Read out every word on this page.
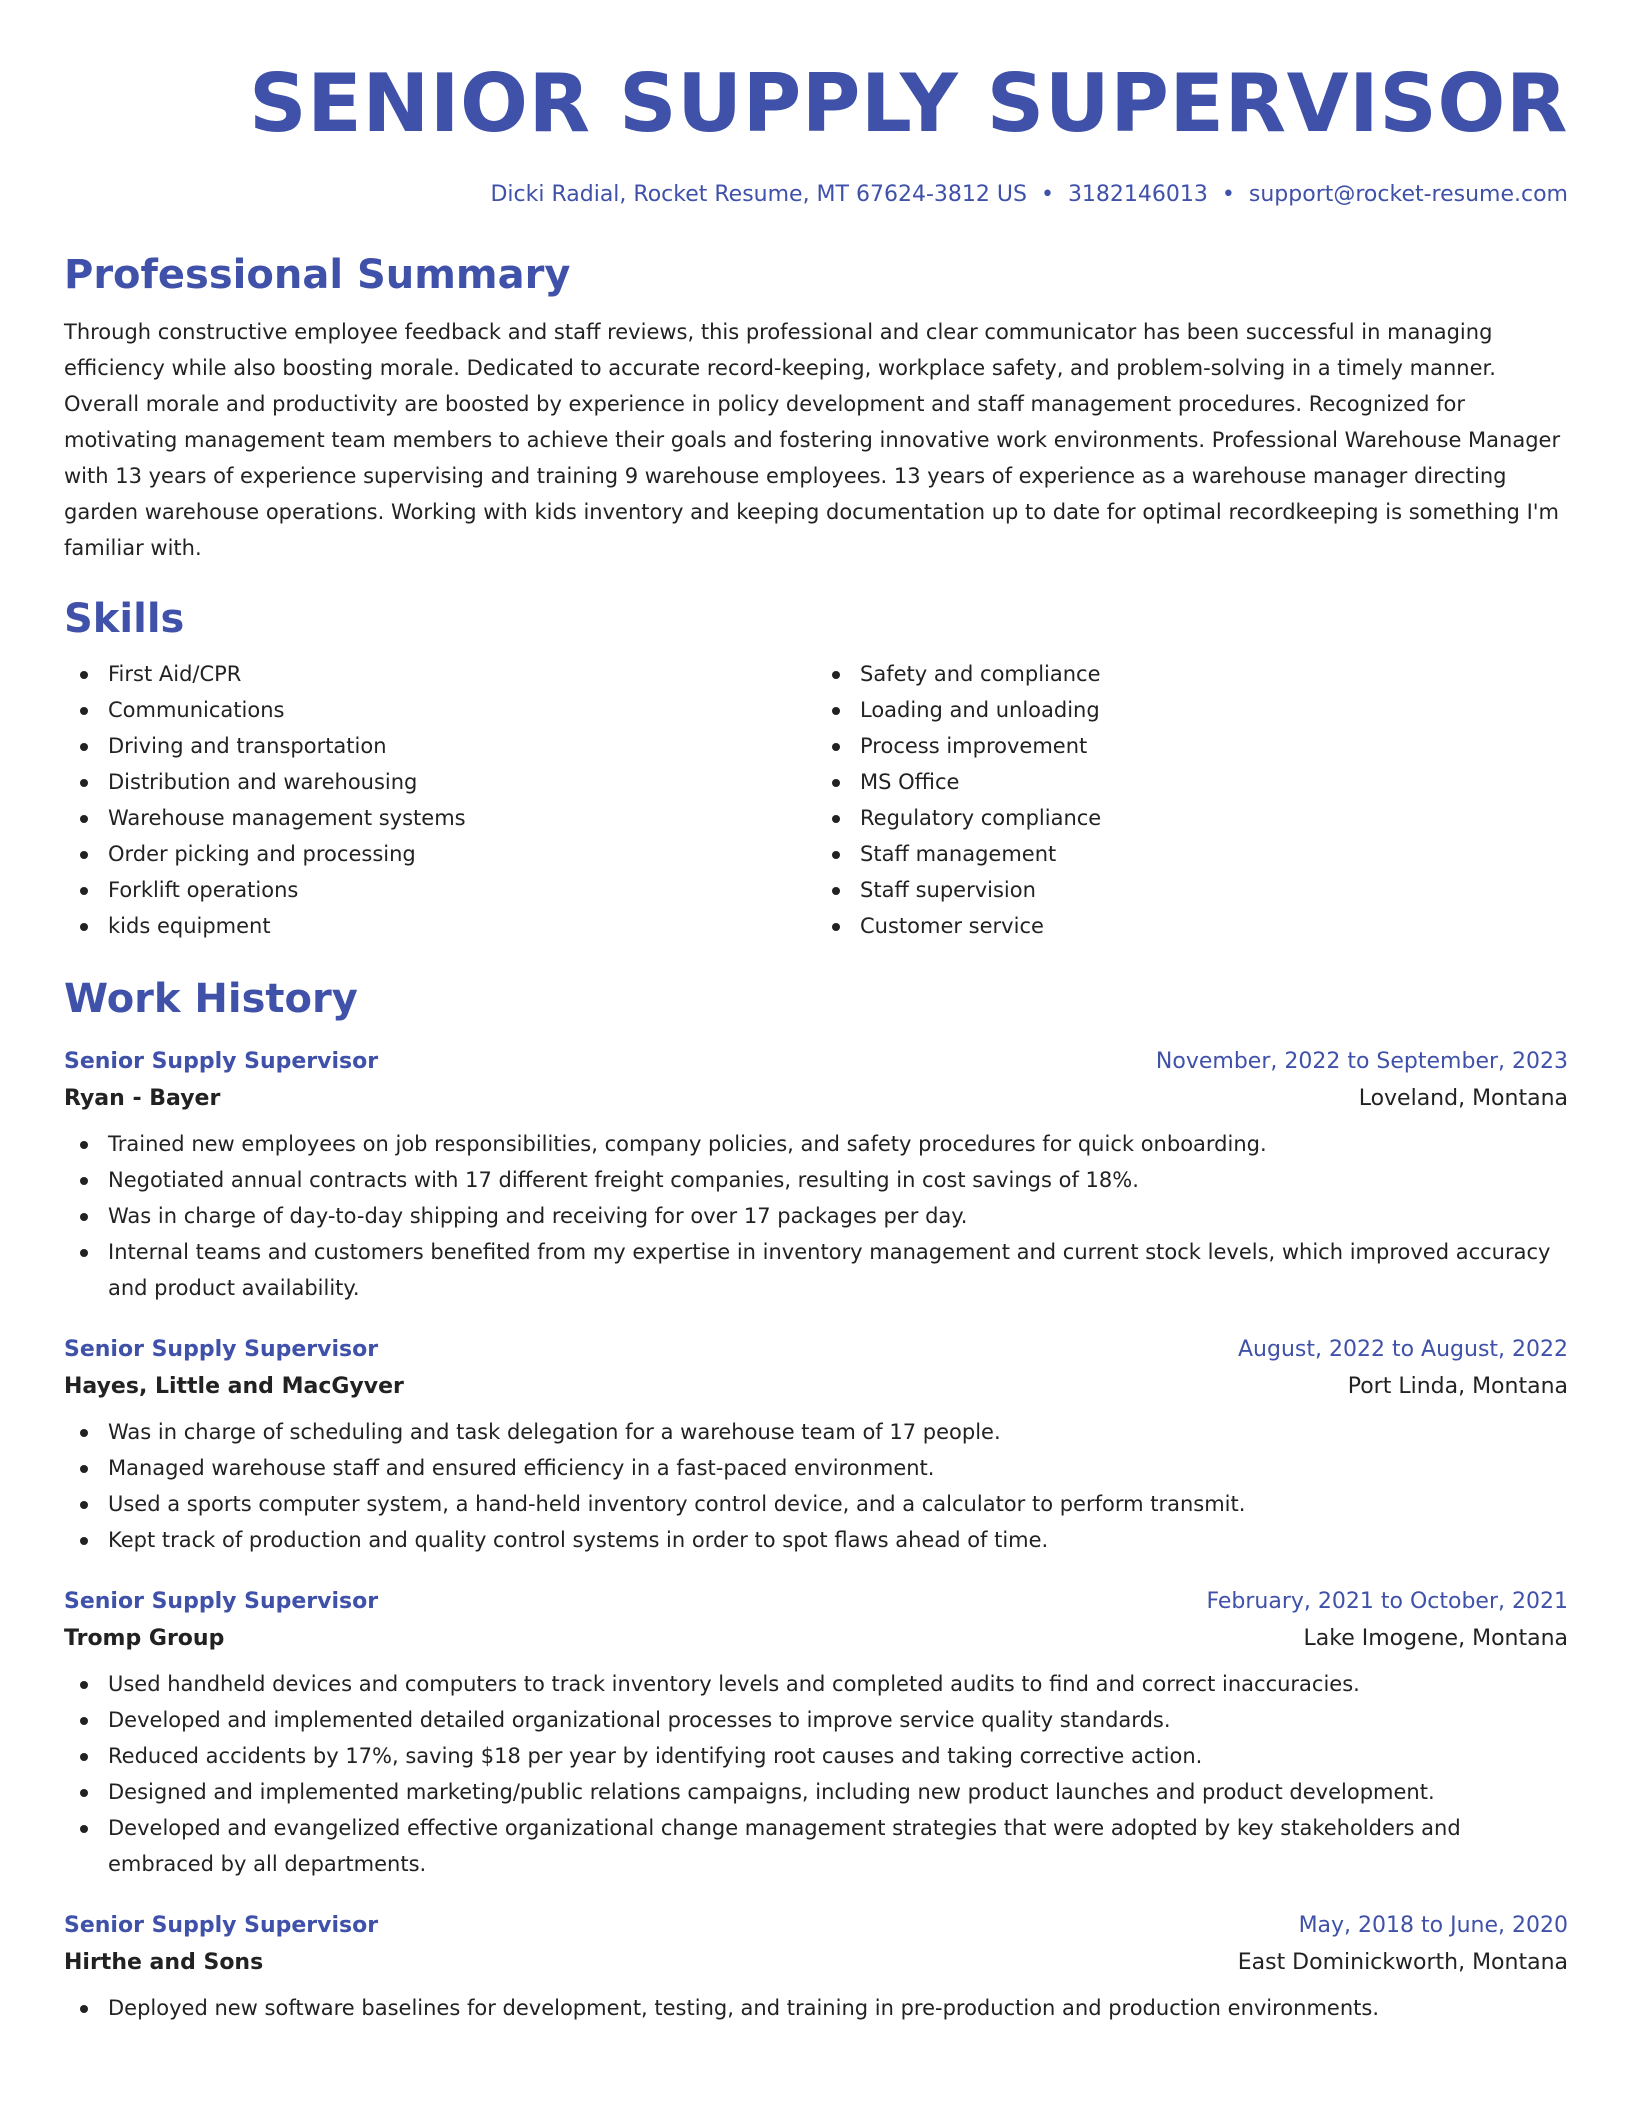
SENIOR SUPPLY SUPERVISOR
Dicki Radial, Rocket Resume, MT 67624-3812 US • 3182146013 • support@rocket-resume.com
Professional Summary
Through constructive employee feedback and staff reviews, this professional and clear communicator has been successful in managing efficiency while also boosting morale. Dedicated to accurate record-keeping, workplace safety, and problem-solving in a timely manner. Overall morale and productivity are boosted by experience in policy development and staff management procedures. Recognized for motivating management team members to achieve their goals and fostering innovative work environments. Professional Warehouse Manager with 13 years of experience supervising and training 9 warehouse employees. 13 years of experience as a warehouse manager directing garden warehouse operations. Working with kids inventory and keeping documentation up to date for optimal recordkeeping is something I'm familiar with.
Skills
First Aid/CPR
Communications
Driving and transportation
Distribution and warehousing
Warehouse management systems
Order picking and processing
Forklift operations
kids equipment
Safety and compliance
Loading and unloading
Process improvement
MS Office
Regulatory compliance
Staff management
Staff supervision
Customer service
Work History
Senior Supply Supervisor	November, 2022 to September, 2023
Ryan - Bayer	Loveland, Montana
Trained new employees on job responsibilities, company policies, and safety procedures for quick onboarding.
Negotiated annual contracts with 17 different freight companies, resulting in cost savings of 18%.
Was in charge of day-to-day shipping and receiving for over 17 packages per day.
Internal teams and customers benefited from my expertise in inventory management and current stock levels, which improved accuracy and product availability.
Senior Supply Supervisor	August, 2022 to August, 2022
Hayes, Little and MacGyver	Port Linda, Montana
Was in charge of scheduling and task delegation for a warehouse team of 17 people.
Managed warehouse staff and ensured efficiency in a fast-paced environment.
Used a sports computer system, a hand-held inventory control device, and a calculator to perform transmit.
Kept track of production and quality control systems in order to spot flaws ahead of time.
Senior Supply Supervisor	February, 2021 to October, 2021
Tromp Group	Lake Imogene, Montana
Used handheld devices and computers to track inventory levels and completed audits to find and correct inaccuracies.
Developed and implemented detailed organizational processes to improve service quality standards.
Reduced accidents by 17%, saving $18 per year by identifying root causes and taking corrective action.
Designed and implemented marketing/public relations campaigns, including new product launches and product development.
Developed and evangelized effective organizational change management strategies that were adopted by key stakeholders and embraced by all departments.
Senior Supply Supervisor	May, 2018 to June, 2020
Hirthe and Sons	East Dominickworth, Montana
Deployed new software baselines for development, testing, and training in pre-production and production environments.
